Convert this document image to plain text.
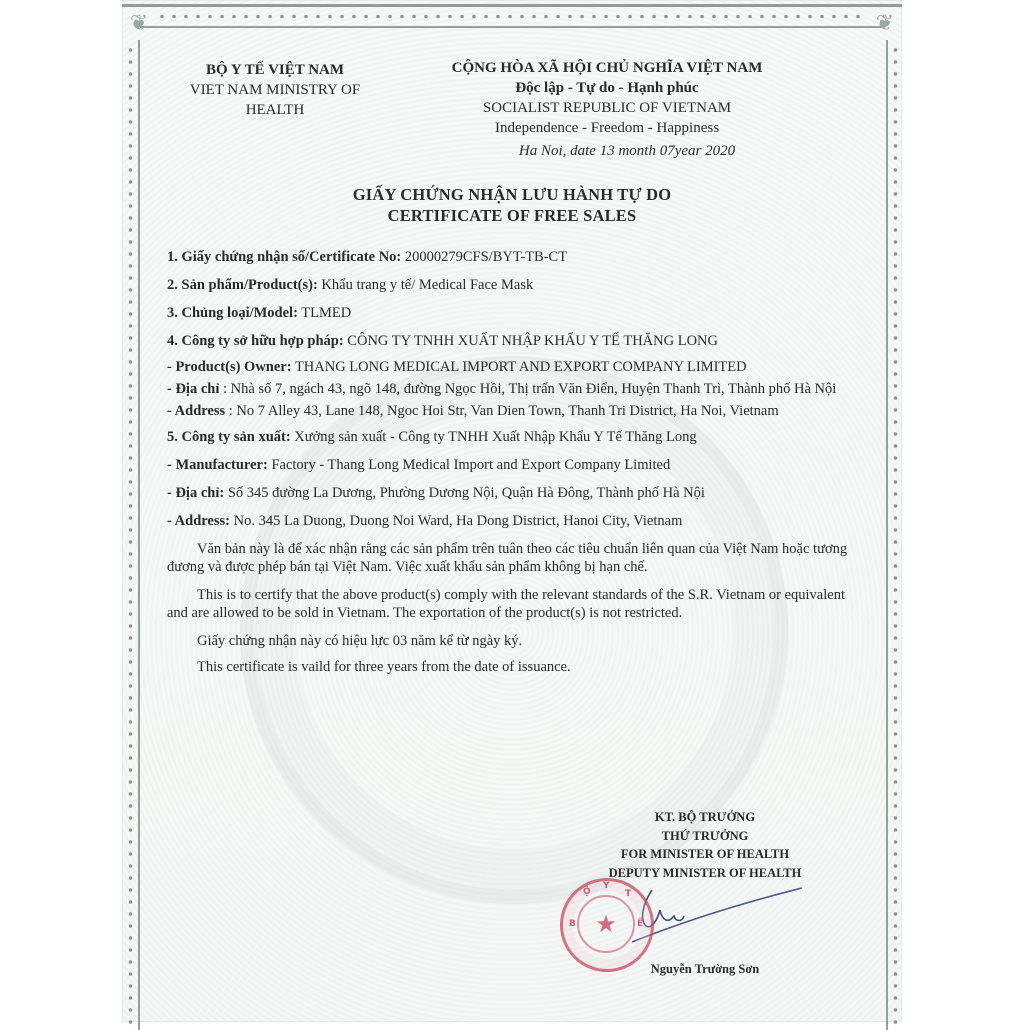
❦	❦
BỘ Y TẾ VIỆT NAM
VIET NAM MINISTRY OF
HEALTH
CỘNG HÒA XÃ HỘI CHỦ NGHĨA VIỆT NAM
Độc lập - Tự do - Hạnh phúc
SOCIALIST REPUBLIC OF VIETNAM
Independence - Freedom - Happiness
Ha Noi, date 13 month 07year 2020
GIẤY CHỨNG NHẬN LƯU HÀNH TỰ DO
CERTIFICATE OF FREE SALES

1. Giấy chứng nhận số/Certificate No: 20000279CFS/BYT-TB-CT

2. Sản phẩm/Product(s): Khẩu trang y tế/ Medical Face Mask

3. Chủng loại/Model: TLMED

4. Công ty sở hữu hợp pháp: CÔNG TY TNHH XUẤT NHẬP KHẨU Y TẾ THĂNG LONG

- Product(s) Owner: THANG LONG MEDICAL IMPORT AND EXPORT COMPANY LIMITED

- Địa chỉ : Nhà số 7, ngách 43, ngõ 148, đường Ngọc Hồi, Thị trấn Văn Điển, Huyện Thanh Trì, Thành phố Hà Nội

- Address : No 7 Alley 43, Lane 148, Ngoc Hoi Str, Van Dien Town, Thanh Tri District, Ha Noi, Vietnam

5. Công ty sản xuất: Xưởng sản xuất - Công ty TNHH Xuất Nhập Khẩu Y Tế Thăng Long

- Manufacturer: Factory - Thang Long Medical Import and Export Company Limited

- Địa chỉ: Số 345 đường La Dương, Phường Dương Nội, Quận Hà Đông, Thành phố Hà Nội

- Address: No. 345 La Duong, Duong Noi Ward, Ha Dong District, Hanoi City, Vietnam

Văn bản này là để xác nhận rằng các sản phẩm trên tuân theo các tiêu chuẩn liên quan của Việt Nam hoặc tương đương và được phép bán tại Việt Nam. Việc xuất khẩu sản phẩm không bị hạn chế.

This is to certify that the above product(s) comply with the relevant standards of the S.R. Vietnam or equivalent and are allowed to be sold in Vietnam. The exportation of the product(s) is not restricted.

Giấy chứng nhận này có hiệu lực 03 năm kể từ ngày ký.

This certificate is vaild for three years from the date of issuance.

KT. BỘ TRƯỞNG
THỨ TRƯỞNG
FOR MINISTER OF HEALTH
DEPUTY MINISTER OF HEALTH
Nguyễn Trường Sơn
★
B
Ộ
Y
T
Ế
